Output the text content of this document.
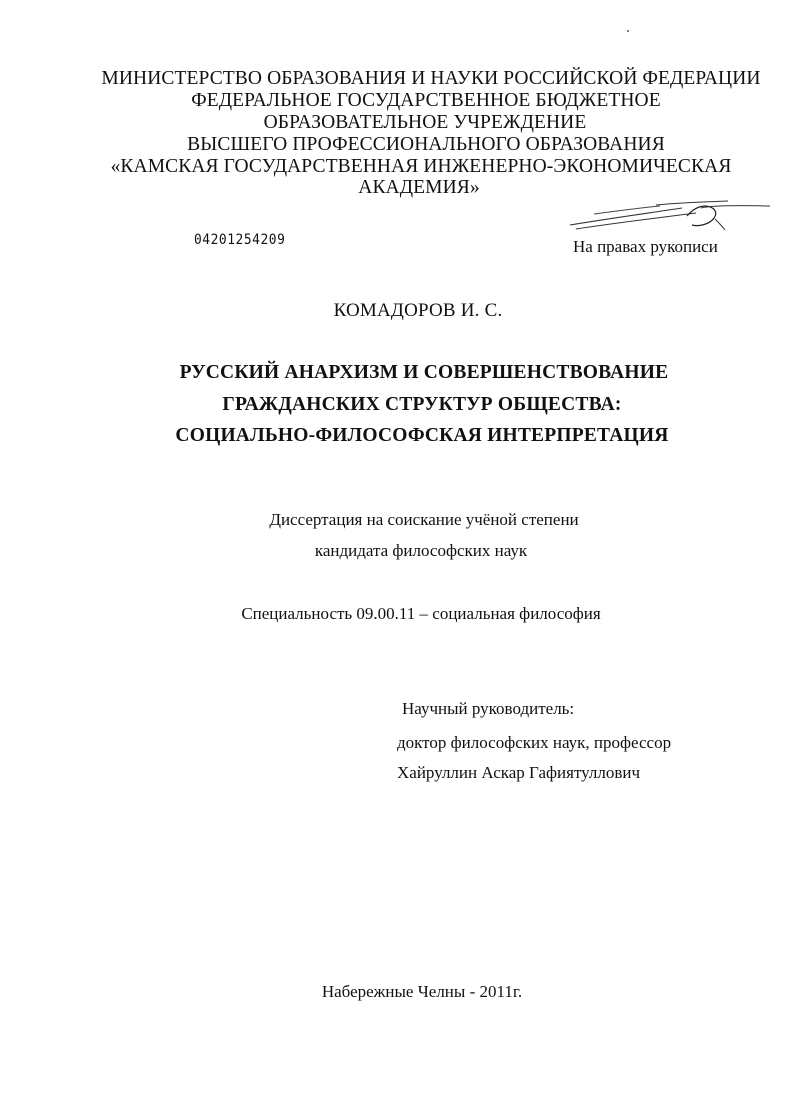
МИНИСТЕРСТВО ОБРАЗОВАНИЯ И НАУКИ РОССИЙСКОЙ ФЕДЕРАЦИИ
ФЕДЕРАЛЬНОЕ ГОСУДАРСТВЕННОЕ БЮДЖЕТНОЕ
ОБРАЗОВАТЕЛЬНОЕ УЧРЕЖДЕНИЕ
ВЫСШЕГО ПРОФЕССИОНАЛЬНОГО ОБРАЗОВАНИЯ
«КАМСКАЯ ГОСУДАРСТВЕННАЯ ИНЖЕНЕРНО-ЭКОНОМИЧЕСКАЯ
АКАДЕМИЯ»
04201254209	На правах рукописи
КОМАДОРОВ И. С.
РУССКИЙ АНАРХИЗМ И СОВЕРШЕНСТВОВАНИЕ
ГРАЖДАНСКИХ СТРУКТУР ОБЩЕСТВА:
СОЦИАЛЬНО-ФИЛОСОФСКАЯ ИНТЕРПРЕТАЦИЯ
Диссертация на соискание учёной степени
кандидата философских наук
Специальность 09.00.11 – социальная философия
Научный руководитель:
доктор философских наук, профессор
Хайруллин Аскар Гафиятуллович
Набережные Челны - 2011г.
